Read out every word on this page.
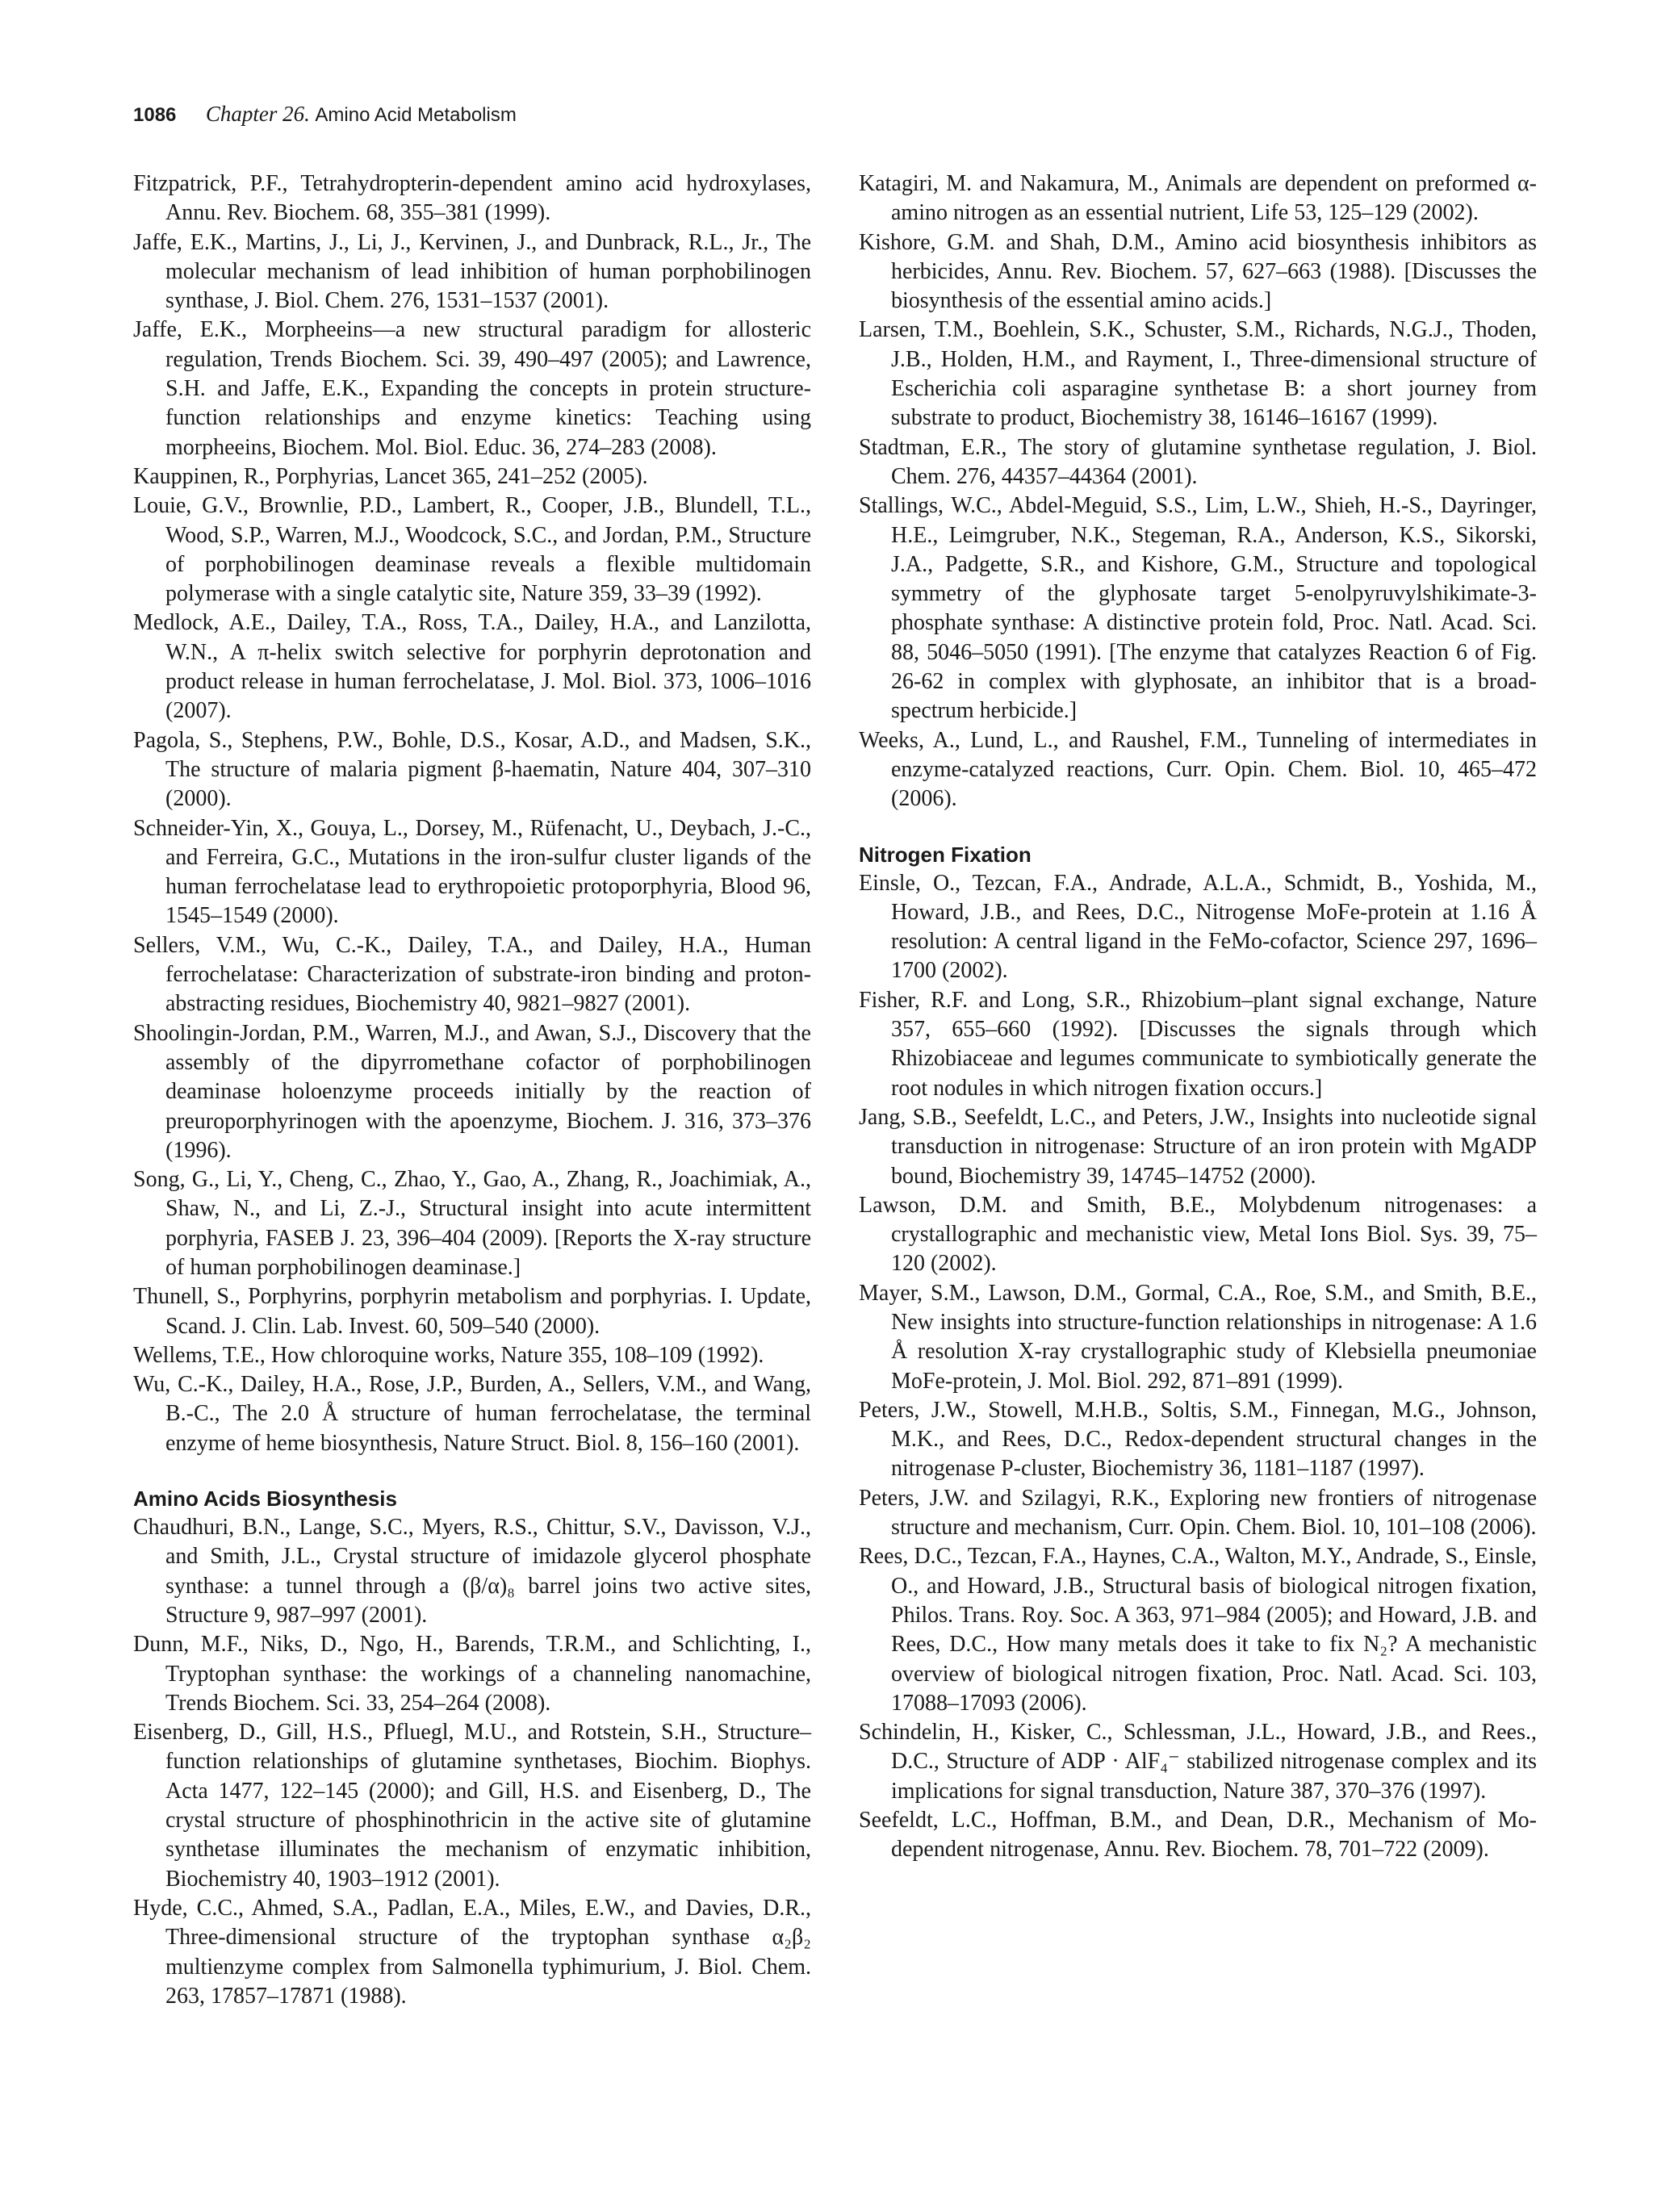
1086 Chapter 26. Amino Acid Metabolism

Fitzpatrick, P.F., Tetrahydropterin-dependent amino acid hydroxylases, Annu. Rev. Biochem. 68, 355–381 (1999).

Jaffe, E.K., Martins, J., Li, J., Kervinen, J., and Dunbrack, R.L., Jr., The molecular mechanism of lead inhibition of human porphobilinogen synthase, J. Biol. Chem. 276, 1531–1537 (2001).

Jaffe, E.K., Morpheeins—a new structural paradigm for allosteric regulation, Trends Biochem. Sci. 39, 490–497 (2005); and Lawrence, S.H. and Jaffe, E.K., Expanding the concepts in protein structure-function relationships and enzyme kinetics: Teaching using morpheeins, Biochem. Mol. Biol. Educ. 36, 274–283 (2008).

Kauppinen, R., Porphyrias, Lancet 365, 241–252 (2005).

Louie, G.V., Brownlie, P.D., Lambert, R., Cooper, J.B., Blundell, T.L., Wood, S.P., Warren, M.J., Woodcock, S.C., and Jordan, P.M., Structure of porphobilinogen deaminase reveals a flexible multidomain polymerase with a single catalytic site, Nature 359, 33–39 (1992).

Medlock, A.E., Dailey, T.A., Ross, T.A., Dailey, H.A., and Lanzilotta, W.N., A π-helix switch selective for porphyrin deprotonation and product release in human ferrochelatase, J. Mol. Biol. 373, 1006–1016 (2007).

Pagola, S., Stephens, P.W., Bohle, D.S., Kosar, A.D., and Madsen, S.K., The structure of malaria pigment β-haematin, Nature 404, 307–310 (2000).

Schneider-Yin, X., Gouya, L., Dorsey, M., Rüfenacht, U., Deybach, J.-C., and Ferreira, G.C., Mutations in the iron-sulfur cluster ligands of the human ferrochelatase lead to erythropoietic protoporphyria, Blood 96, 1545–1549 (2000).

Sellers, V.M., Wu, C.-K., Dailey, T.A., and Dailey, H.A., Human ferrochelatase: Characterization of substrate-iron binding and proton-abstracting residues, Biochemistry 40, 9821–9827 (2001).

Shoolingin-Jordan, P.M., Warren, M.J., and Awan, S.J., Discovery that the assembly of the dipyrromethane cofactor of porphobilinogen deaminase holoenzyme proceeds initially by the reaction of preuroporphyrinogen with the apoenzyme, Biochem. J. 316, 373–376 (1996).

Song, G., Li, Y., Cheng, C., Zhao, Y., Gao, A., Zhang, R., Joachimiak, A., Shaw, N., and Li, Z.-J., Structural insight into acute intermittent porphyria, FASEB J. 23, 396–404 (2009). [Reports the X-ray structure of human porphobilinogen deaminase.]

Thunell, S., Porphyrins, porphyrin metabolism and porphyrias. I. Update, Scand. J. Clin. Lab. Invest. 60, 509–540 (2000).

Wellems, T.E., How chloroquine works, Nature 355, 108–109 (1992).

Wu, C.-K., Dailey, H.A., Rose, J.P., Burden, A., Sellers, V.M., and Wang, B.-C., The 2.0 Å structure of human ferrochelatase, the terminal enzyme of heme biosynthesis, Nature Struct. Biol. 8, 156–160 (2001).

Amino Acids Biosynthesis

Chaudhuri, B.N., Lange, S.C., Myers, R.S., Chittur, S.V., Davisson, V.J., and Smith, J.L., Crystal structure of imidazole glycerol phosphate synthase: a tunnel through a (β/α)₈ barrel joins two active sites, Structure 9, 987–997 (2001).

Dunn, M.F., Niks, D., Ngo, H., Barends, T.R.M., and Schlichting, I., Tryptophan synthase: the workings of a channeling nanomachine, Trends Biochem. Sci. 33, 254–264 (2008).

Eisenberg, D., Gill, H.S., Pfluegl, M.U., and Rotstein, S.H., Structure–function relationships of glutamine synthetases, Biochim. Biophys. Acta 1477, 122–145 (2000); and Gill, H.S. and Eisenberg, D., The crystal structure of phosphinothricin in the active site of glutamine synthetase illuminates the mechanism of enzymatic inhibition, Biochemistry 40, 1903–1912 (2001).

Hyde, C.C., Ahmed, S.A., Padlan, E.A., Miles, E.W., and Davies, D.R., Three-dimensional structure of the tryptophan synthase α₂β₂ multienzyme complex from Salmonella typhimurium, J. Biol. Chem. 263, 17857–17871 (1988).

Katagiri, M. and Nakamura, M., Animals are dependent on preformed α-amino nitrogen as an essential nutrient, Life 53, 125–129 (2002).

Kishore, G.M. and Shah, D.M., Amino acid biosynthesis inhibitors as herbicides, Annu. Rev. Biochem. 57, 627–663 (1988). [Discusses the biosynthesis of the essential amino acids.]

Larsen, T.M., Boehlein, S.K., Schuster, S.M., Richards, N.G.J., Thoden, J.B., Holden, H.M., and Rayment, I., Three-dimensional structure of Escherichia coli asparagine synthetase B: a short journey from substrate to product, Biochemistry 38, 16146–16167 (1999).

Stadtman, E.R., The story of glutamine synthetase regulation, J. Biol. Chem. 276, 44357–44364 (2001).

Stallings, W.C., Abdel-Meguid, S.S., Lim, L.W., Shieh, H.-S., Dayringer, H.E., Leimgruber, N.K., Stegeman, R.A., Anderson, K.S., Sikorski, J.A., Padgette, S.R., and Kishore, G.M., Structure and topological symmetry of the glyphosate target 5-enolpyruvylshikimate-3-phosphate synthase: A distinctive protein fold, Proc. Natl. Acad. Sci. 88, 5046–5050 (1991). [The enzyme that catalyzes Reaction 6 of Fig. 26-62 in complex with glyphosate, an inhibitor that is a broad-spectrum herbicide.]

Weeks, A., Lund, L., and Raushel, F.M., Tunneling of intermediates in enzyme-catalyzed reactions, Curr. Opin. Chem. Biol. 10, 465–472 (2006).

Nitrogen Fixation

Einsle, O., Tezcan, F.A., Andrade, A.L.A., Schmidt, B., Yoshida, M., Howard, J.B., and Rees, D.C., Nitrogense MoFe-protein at 1.16 Å resolution: A central ligand in the FeMo-cofactor, Science 297, 1696–1700 (2002).

Fisher, R.F. and Long, S.R., Rhizobium–plant signal exchange, Nature 357, 655–660 (1992). [Discusses the signals through which Rhizobiaceae and legumes communicate to symbiotically generate the root nodules in which nitrogen fixation occurs.]

Jang, S.B., Seefeldt, L.C., and Peters, J.W., Insights into nucleotide signal transduction in nitrogenase: Structure of an iron protein with MgADP bound, Biochemistry 39, 14745–14752 (2000).

Lawson, D.M. and Smith, B.E., Molybdenum nitrogenases: a crystallographic and mechanistic view, Metal Ions Biol. Sys. 39, 75–120 (2002).

Mayer, S.M., Lawson, D.M., Gormal, C.A., Roe, S.M., and Smith, B.E., New insights into structure-function relationships in nitrogenase: A 1.6 Å resolution X-ray crystallographic study of Klebsiella pneumoniae MoFe-protein, J. Mol. Biol. 292, 871–891 (1999).

Peters, J.W., Stowell, M.H.B., Soltis, S.M., Finnegan, M.G., Johnson, M.K., and Rees, D.C., Redox-dependent structural changes in the nitrogenase P-cluster, Biochemistry 36, 1181–1187 (1997).

Peters, J.W. and Szilagyi, R.K., Exploring new frontiers of nitrogenase structure and mechanism, Curr. Opin. Chem. Biol. 10, 101–108 (2006).

Rees, D.C., Tezcan, F.A., Haynes, C.A., Walton, M.Y., Andrade, S., Einsle, O., and Howard, J.B., Structural basis of biological nitrogen fixation, Philos. Trans. Roy. Soc. A 363, 971–984 (2005); and Howard, J.B. and Rees, D.C., How many metals does it take to fix N₂? A mechanistic overview of biological nitrogen fixation, Proc. Natl. Acad. Sci. 103, 17088–17093 (2006).

Schindelin, H., Kisker, C., Schlessman, J.L., Howard, J.B., and Rees., D.C., Structure of ADP · AlF₄⁻ stabilized nitrogenase complex and its implications for signal transduction, Nature 387, 370–376 (1997).

Seefeldt, L.C., Hoffman, B.M., and Dean, D.R., Mechanism of Mo-dependent nitrogenase, Annu. Rev. Biochem. 78, 701–722 (2009).
